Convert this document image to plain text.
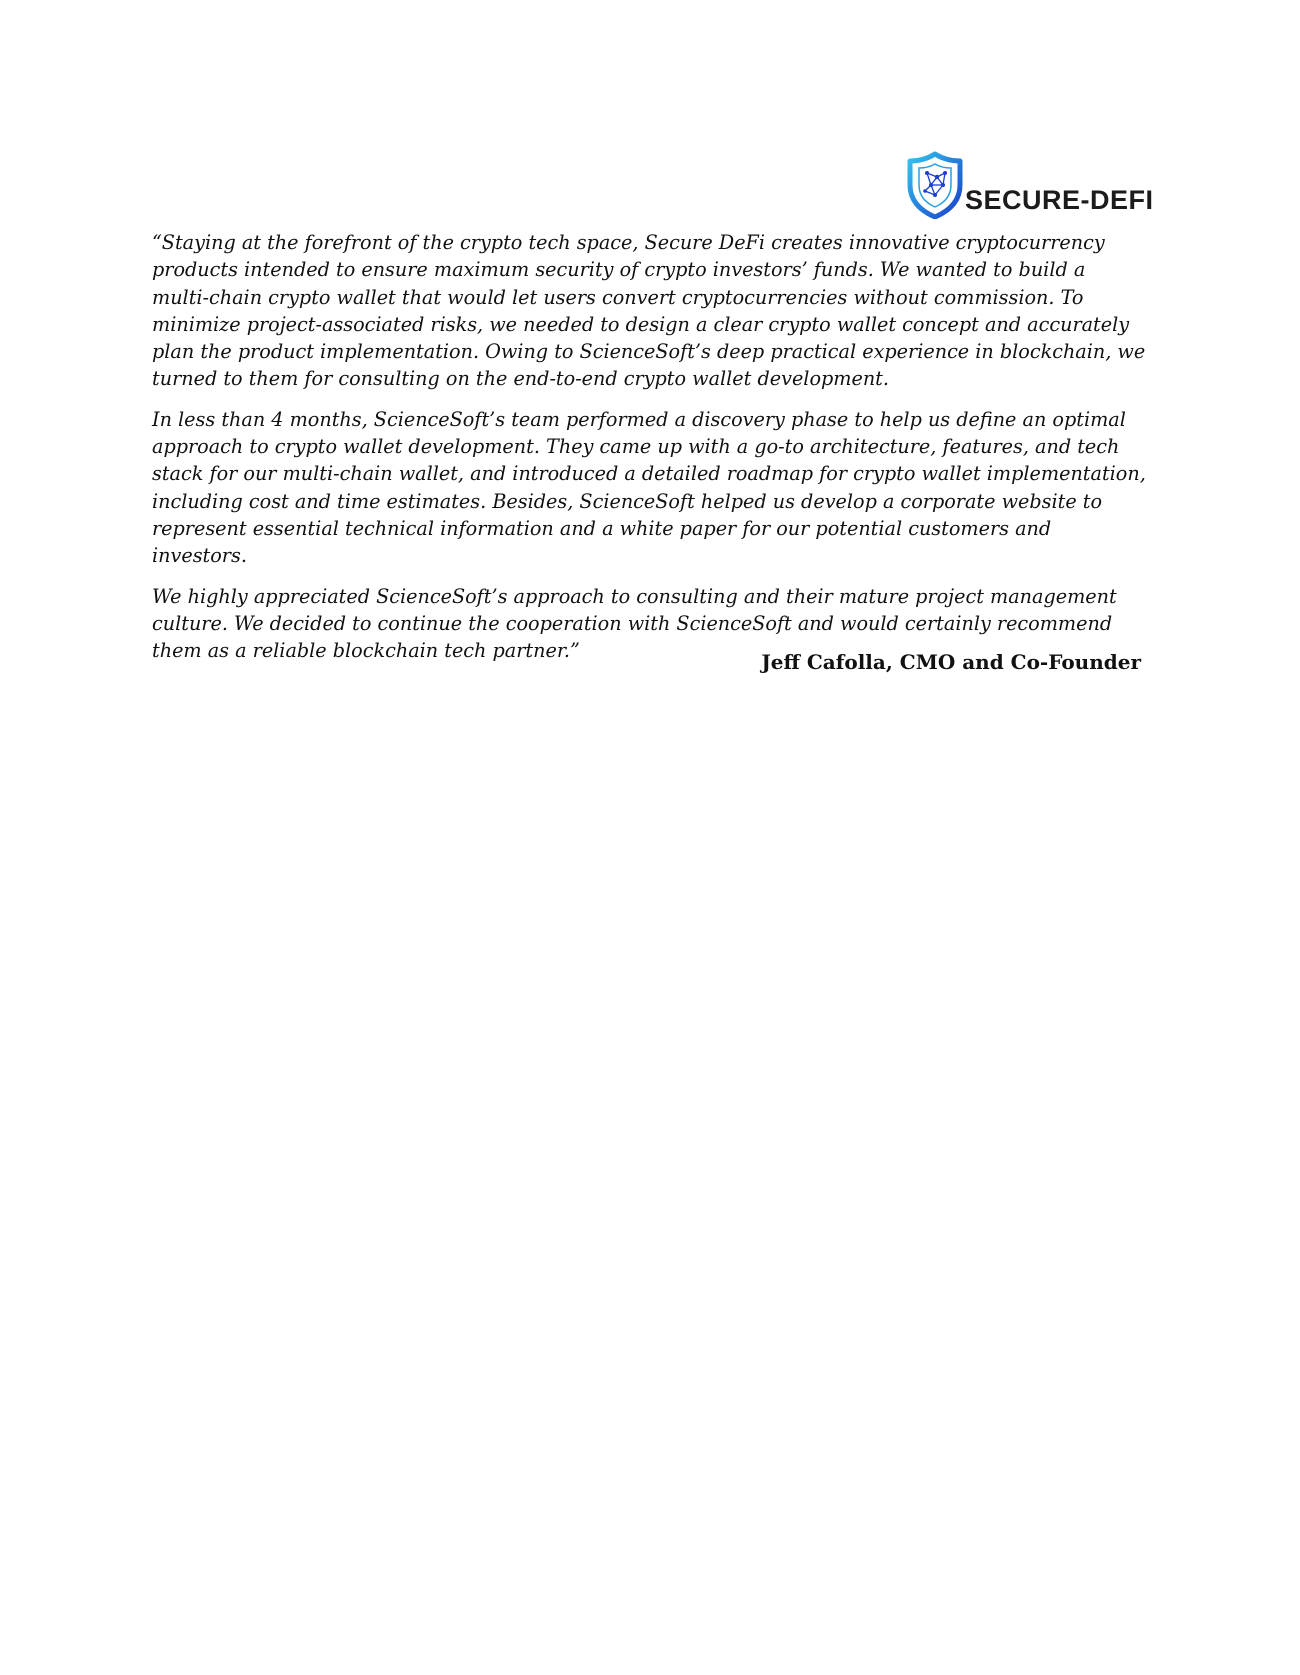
SECURE-DEFI

“Staying at the forefront of the crypto tech space, Secure DeFi creates innovative cryptocurrency products intended to ensure maximum security of crypto investors’ funds. We wanted to build a multi-chain crypto wallet that would let users convert cryptocurrencies without commission. To minimize project-associated risks, we needed to design a clear crypto wallet concept and accurately plan the product implementation. Owing to ScienceSoft’s deep practical experience in blockchain, we turned to them for consulting on the end-to-end crypto wallet development.

In less than 4 months, ScienceSoft’s team performed a discovery phase to help us define an optimal approach to crypto wallet development. They came up with a go-to architecture, features, and tech stack for our multi-chain wallet, and introduced a detailed roadmap for crypto wallet implementation, including cost and time estimates. Besides, ScienceSoft helped us develop a corporate website to represent essential technical information and a white paper for our potential customers and investors.

We highly appreciated ScienceSoft’s approach to consulting and their mature project management culture. We decided to continue the cooperation with ScienceSoft and would certainly recommend them as a reliable blockchain tech partner.”	Jeff Cafolla, CMO and Co-Founder
